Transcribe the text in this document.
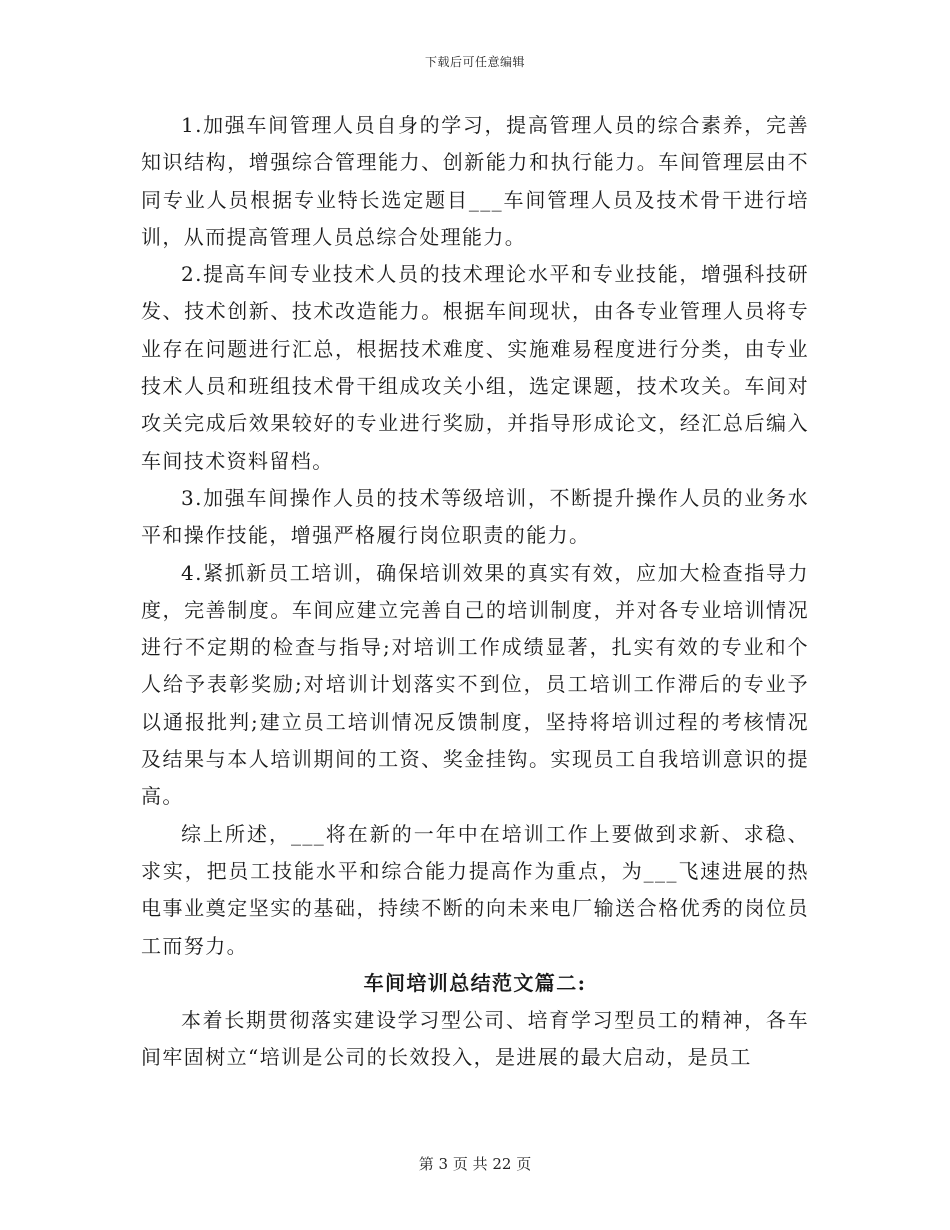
下载后可任意编辑

1.加强车间管理人员自身的学习，提高管理人员的综合素养，完善知识结构，增强综合管理能力、创新能力和执行能力。车间管理层由不同专业人员根据专业特长选定题目___车间管理人员及技术骨干进行培训，从而提高管理人员总综合处理能力。

2.提高车间专业技术人员的技术理论水平和专业技能，增强科技研发、技术创新、技术改造能力。根据车间现状，由各专业管理人员将专业存在问题进行汇总，根据技术难度、实施难易程度进行分类，由专业技术人员和班组技术骨干组成攻关小组，选定课题，技术攻关。车间对攻关完成后效果较好的专业进行奖励，并指导形成论文，经汇总后编入车间技术资料留档。

3.加强车间操作人员的技术等级培训，不断提升操作人员的业务水平和操作技能，增强严格履行岗位职责的能力。

4.紧抓新员工培训，确保培训效果的真实有效，应加大检查指导力度，完善制度。车间应建立完善自己的培训制度，并对各专业培训情况进行不定期的检查与指导;对培训工作成绩显著，扎实有效的专业和个人给予表彰奖励;对培训计划落实不到位，员工培训工作滞后的专业予以通报批判;建立员工培训情况反馈制度，坚持将培训过程的考核情况及结果与本人培训期间的工资、奖金挂钩。实现员工自我培训意识的提高。

综上所述，___将在新的一年中在培训工作上要做到求新、求稳、求实，把员工技能水平和综合能力提高作为重点，为___飞速进展的热电事业奠定坚实的基础，持续不断的向未来电厂输送合格优秀的岗位员工而努力。

车间培训总结范文篇二:

本着长期贯彻落实建设学习型公司、培育学习型员工的精神，各车间牢固树立“培训是公司的长效投入，是进展的最大启动，是员工

第 3 页 共 22 页
